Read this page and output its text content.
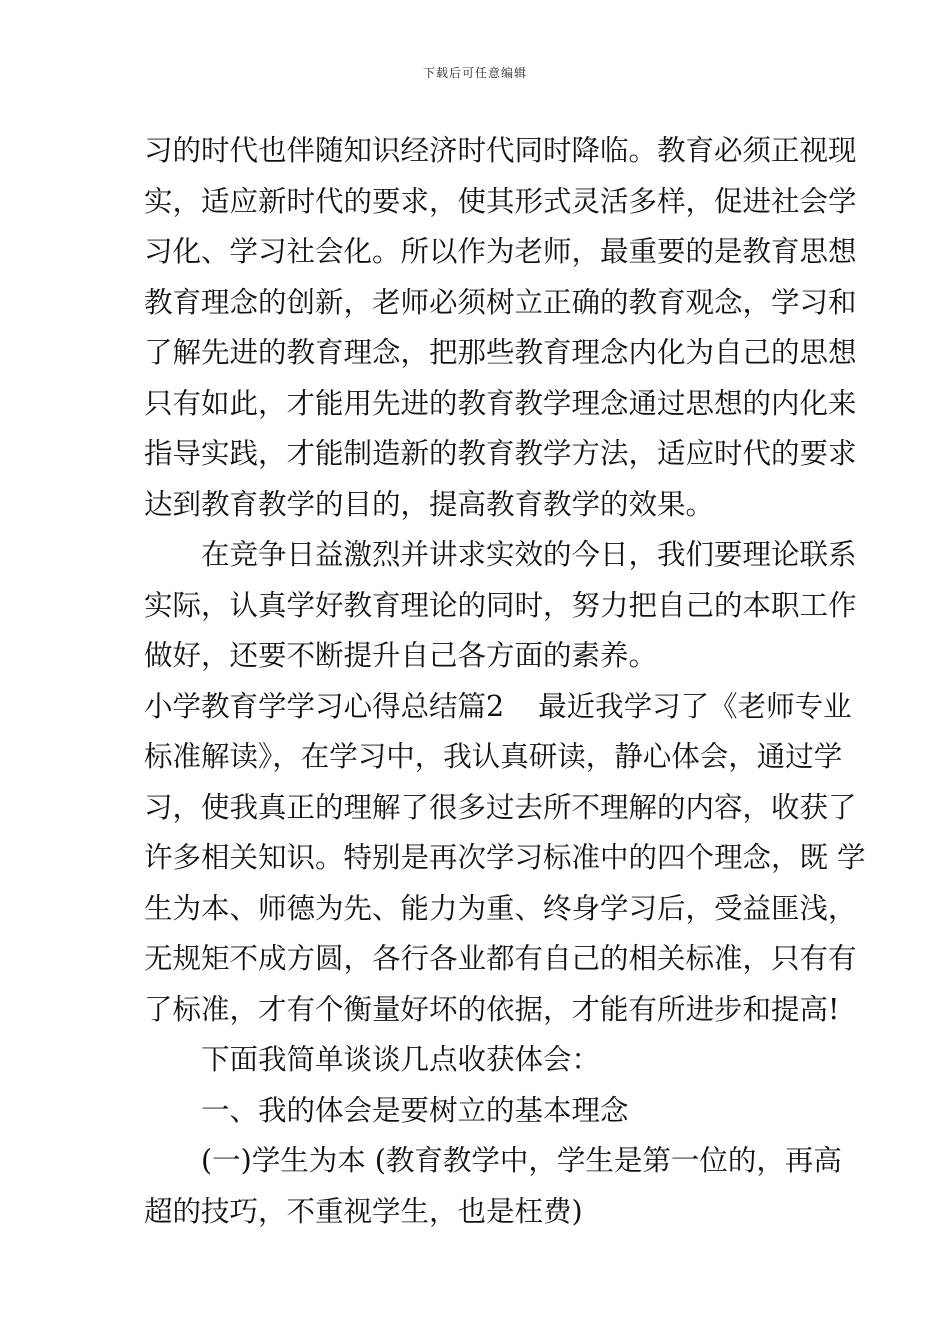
下载后可任意编辑
习的时代也伴随知识经济时代同时降临。教育必须正视现
实，适应新时代的要求，使其形式灵活多样，促进社会学
习化、学习社会化。所以作为老师，最重要的是教育思想
教育理念的创新，老师必须树立正确的教育观念，学习和
了解先进的教育理念，把那些教育理念内化为自己的思想
只有如此，才能用先进的教育教学理念通过思想的内化来
指导实践，才能制造新的教育教学方法，适应时代的要求
达到教育教学的目的，提高教育教学的效果。
在竞争日益激烈并讲求实效的今日，我们要理论联系
实际，认真学好教育理论的同时，努力把自己的本职工作
做好，还要不断提升自己各方面的素养。
小学教育学学习心得总结篇2 最近我学习了《老师专业
标准解读》，在学习中，我认真研读，静心体会，通过学
习，使我真正的理解了很多过去所不理解的内容，收获了
许多相关知识。特别是再次学习标准中的四个理念，既 学
生为本、师德为先、能力为重、终身学习后，受益匪浅，
无规矩不成方圆，各行各业都有自己的相关标准，只有有
了标准，才有个衡量好坏的依据，才能有所进步和提高!
下面我简单谈谈几点收获体会：
一、我的体会是要树立的基本理念
(一)学生为本 (教育教学中，学生是第一位的，再高
超的技巧，不重视学生，也是枉费)
